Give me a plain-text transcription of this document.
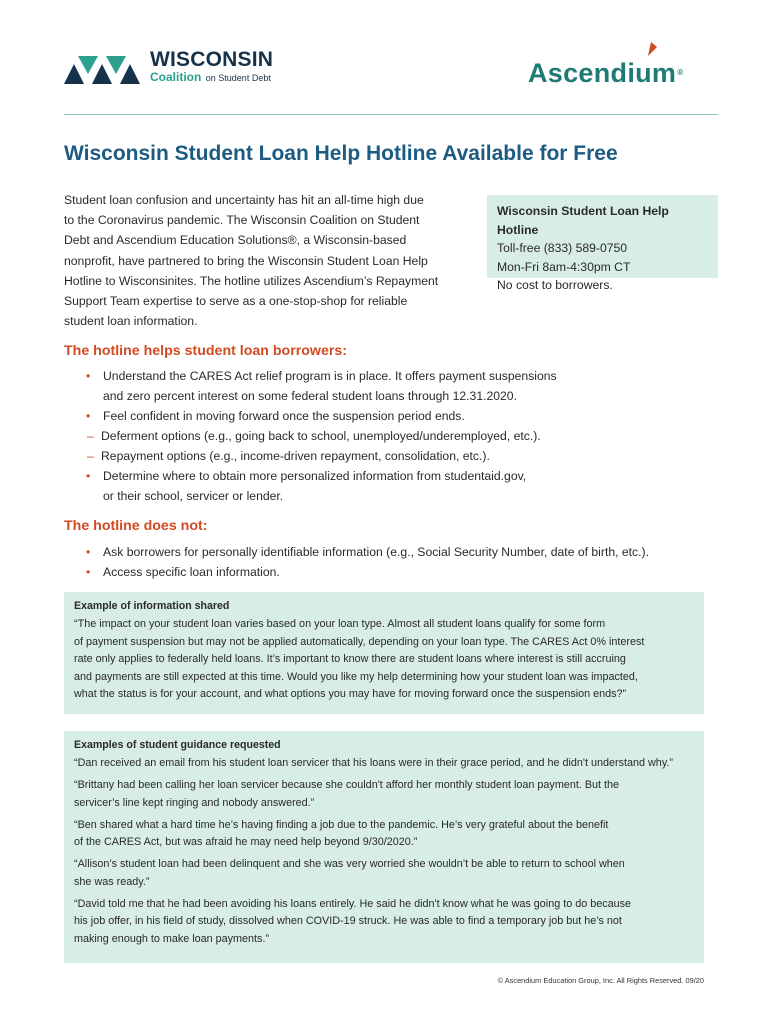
WISCONSIN
Coalition on Student Debt	Ascendium®
Wisconsin Student Loan Help Hotline Available for Free
Student loan confusion and uncertainty has hit an all-time high due
to the Coronavirus pandemic. The Wisconsin Coalition on Student
Debt and Ascendium Education Solutions®, a Wisconsin-based
nonprofit, have partnered to bring the Wisconsin Student Loan Help
Hotline to Wisconsinites. The hotline utilizes Ascendium’s Repayment
Support Team expertise to serve as a one-stop-shop for reliable
student loan information.
Wisconsin Student Loan Help Hotline
Toll-free (833) 589-0750
Mon-Fri 8am-4:30pm CT
No cost to borrowers.
The hotline helps student loan borrowers:
• Understand the CARES Act relief program is in place. It offers payment suspensions
and zero percent interest on some federal student loans through 12.31.2020.
• Feel confident in moving forward once the suspension period ends.
– Deferment options (e.g., going back to school, unemployed/underemployed, etc.).
– Repayment options (e.g., income-driven repayment, consolidation, etc.).
• Determine where to obtain more personalized information from studentaid.gov,
or their school, servicer or lender.
The hotline does not:
• Ask borrowers for personally identifiable information (e.g., Social Security Number, date of birth, etc.).
• Access specific loan information.
Example of information shared
“The impact on your student loan varies based on your loan type. Almost all student loans qualify for some form
of payment suspension but may not be applied automatically, depending on your loan type. The CARES Act 0% interest
rate only applies to federally held loans. It’s important to know there are student loans where interest is still accruing
and payments are still expected at this time. Would you like my help determining how your student loan was impacted,
what the status is for your account, and what options you may have for moving forward once the suspension ends?”
Examples of student guidance requested
“Dan received an email from his student loan servicer that his loans were in their grace period, and he didn't understand why.”
“Brittany had been calling her loan servicer because she couldn't afford her monthly student loan payment. But the
servicer’s line kept ringing and nobody answered.”
“Ben shared what a hard time he’s having finding a job due to the pandemic. He’s very grateful about the benefit
of the CARES Act, but was afraid he may need help beyond 9/30/2020.”
“Allison’s student loan had been delinquent and she was very worried she wouldn’t be able to return to school when
she was ready.”
“David told me that he had been avoiding his loans entirely. He said he didn't know what he was going to do because
his job offer, in his field of study, dissolved when COVID-19 struck. He was able to find a temporary job but he’s not
making enough to make loan payments.”
© Ascendium Education Group, Inc. All Rights Reserved. 09/20
